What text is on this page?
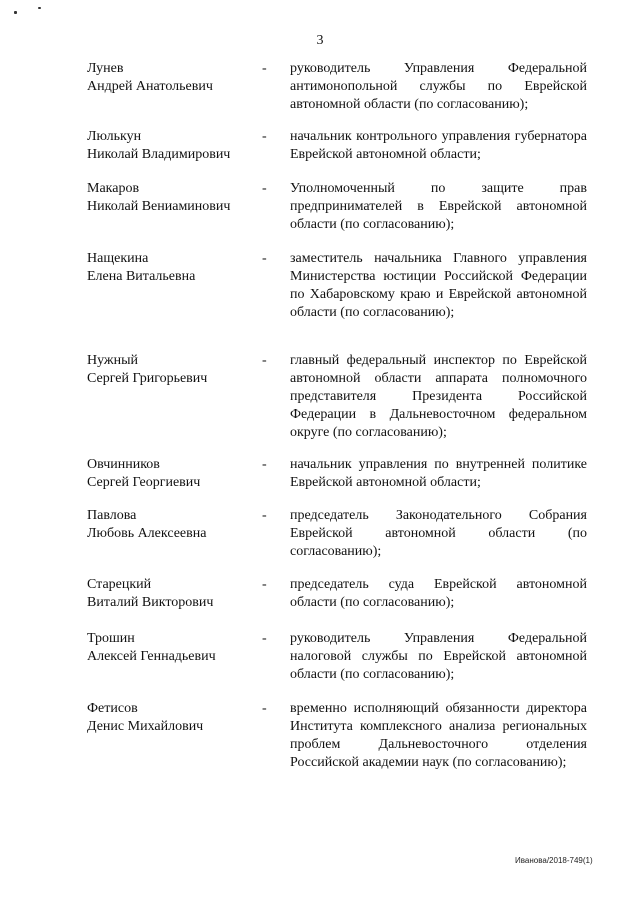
3
Лунев
Андрей Анатольевич
-	руководитель Управления Федеральной антимонопольной службы по Еврейской автономной области (по согласованию);
Люлькун
Николай Владимирович
-	начальник контрольного управления губернатора Еврейской автономной области;
Макаров
Николай Вениаминович
-	Уполномоченный по защите прав предпринимателей в Еврейской автономной области (по согласованию);
Нащекина
Елена Витальевна
-	заместитель начальника Главного управления Министерства юстиции Российской Федерации по Хабаровскому краю и Еврейской автономной области (по согласованию);
Нужный
Сергей Григорьевич
-	главный федеральный инспектор по Еврейской автономной области аппарата полномочного представителя Президента Российской Федерации в Дальневосточном федеральном округе (по согласованию);
Овчинников
Сергей Георгиевич
-	начальник управления по внутренней политике Еврейской автономной области;
Павлова
Любовь Алексеевна
-	председатель Законодательного Собрания Еврейской автономной области (по согласованию);
Старецкий
Виталий Викторович
-	председатель суда Еврейской автономной области (по согласованию);
Трошин
Алексей Геннадьевич
-	руководитель Управления Федеральной налоговой службы по Еврейской автономной области (по согласованию);
Фетисов
Денис Михайлович
-	временно исполняющий обязанности директора Института комплексного анализа региональных проблем Дальневосточного отделения Российской академии наук (по согласованию);
Иванова/2018-749(1)
